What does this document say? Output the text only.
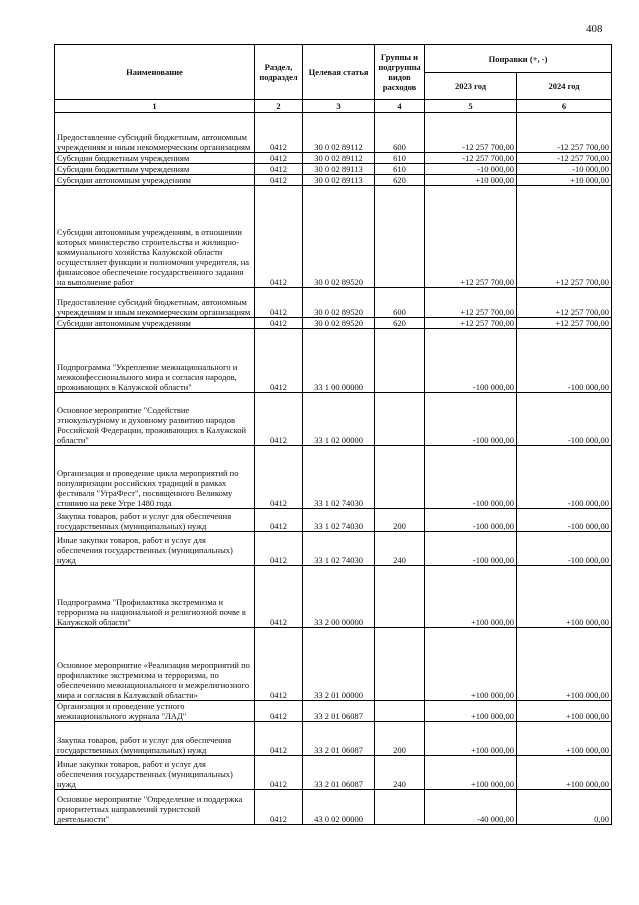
408
Наименование	Раздел, подраздел	Целевая статья	Группы и подгруппы видов расходов	Поправки (+, -)	
				2023 год	2024 год
1	2	3	4	5	6
Предоставление субсидий бюджетным, автономным учреждениям и иным некоммерческим организациям	0412	30 0 02 89112	600	-12 257 700,00	-12 257 700,00
Субсидии бюджетным учреждениям	0412	30 0 02 89112	610	-12 257 700,00	-12 257 700,00
Субсидии бюджетным учреждениям	0412	30 0 02 89113	610	-10 000,00	-10 000,00
Субсидии автономным учреждениям	0412	30 0 02 89113	620	+10 000,00	+10 000,00
Субсидии автономным учреждениям, в отношении которых министерство строительства и жилищно-коммунального хозяйства Калужской области осуществляет функции и полномочия учредителя, на финансовое обеспечение государственного задания на выполнение работ	0412	30 0 02 89520		+12 257 700,00	+12 257 700,00
Предоставление субсидий бюджетным, автономным учреждениям и иным некоммерческим организациям	0412	30 0 02 89520	600	+12 257 700,00	+12 257 700,00
Субсидии автономным учреждениям	0412	30 0 02 89520	620	+12 257 700,00	+12 257 700,00
Подпрограмма "Укрепление межнационального и межконфессионального мира и согласия народов, проживающих в Калужской области"	0412	33 1 00 00000		-100 000,00	-100 000,00
Основное мероприятие "Содействие этнокультурному и духовному развитию народов Российской Федерации, проживающих в Калужской области"	0412	33 1 02 00000		-100 000,00	-100 000,00
Организация и проведение цикла мероприятий по популяризации российских традиций в рамках фестиваля "УграФест", посвященного Великому стоянию на реке Угре 1480 года	0412	33 1 02 74030		-100 000,00	-100 000,00
Закупка товаров, работ и услуг для обеспечения государственных (муниципальных) нужд	0412	33 1 02 74030	200	-100 000,00	-100 000,00
Иные закупки товаров, работ и услуг для обеспечения государственных (муниципальных) нужд	0412	33 1 02 74030	240	-100 000,00	-100 000,00
Подпрограмма "Профилактика экстремизма и терроризма на национальной и религиозной почве в Калужской области"	0412	33 2 00 00000		+100 000,00	+100 000,00
Основное мероприятие «Реализация мероприятий по профилактике экстремизма и терроризма, по обеспечению межнационального и межрелигиозного мира и согласия в Калужской области»	0412	33 2 01 00000		+100 000,00	+100 000,00
Организация и проведение устного межнационального журнала "ЛАД"	0412	33 2 01 06087		+100 000,00	+100 000,00
Закупка товаров, работ и услуг для обеспечения государственных (муниципальных) нужд	0412	33 2 01 06087	200	+100 000,00	+100 000,00
Иные закупки товаров, работ и услуг для обеспечения государственных (муниципальных) нужд	0412	33 2 01 06087	240	+100 000,00	+100 000,00
Основное мероприятие "Определение и поддержка приоритетных направлений туристской деятельности"	0412	43 0 02 00000		-40 000,00	0,00
